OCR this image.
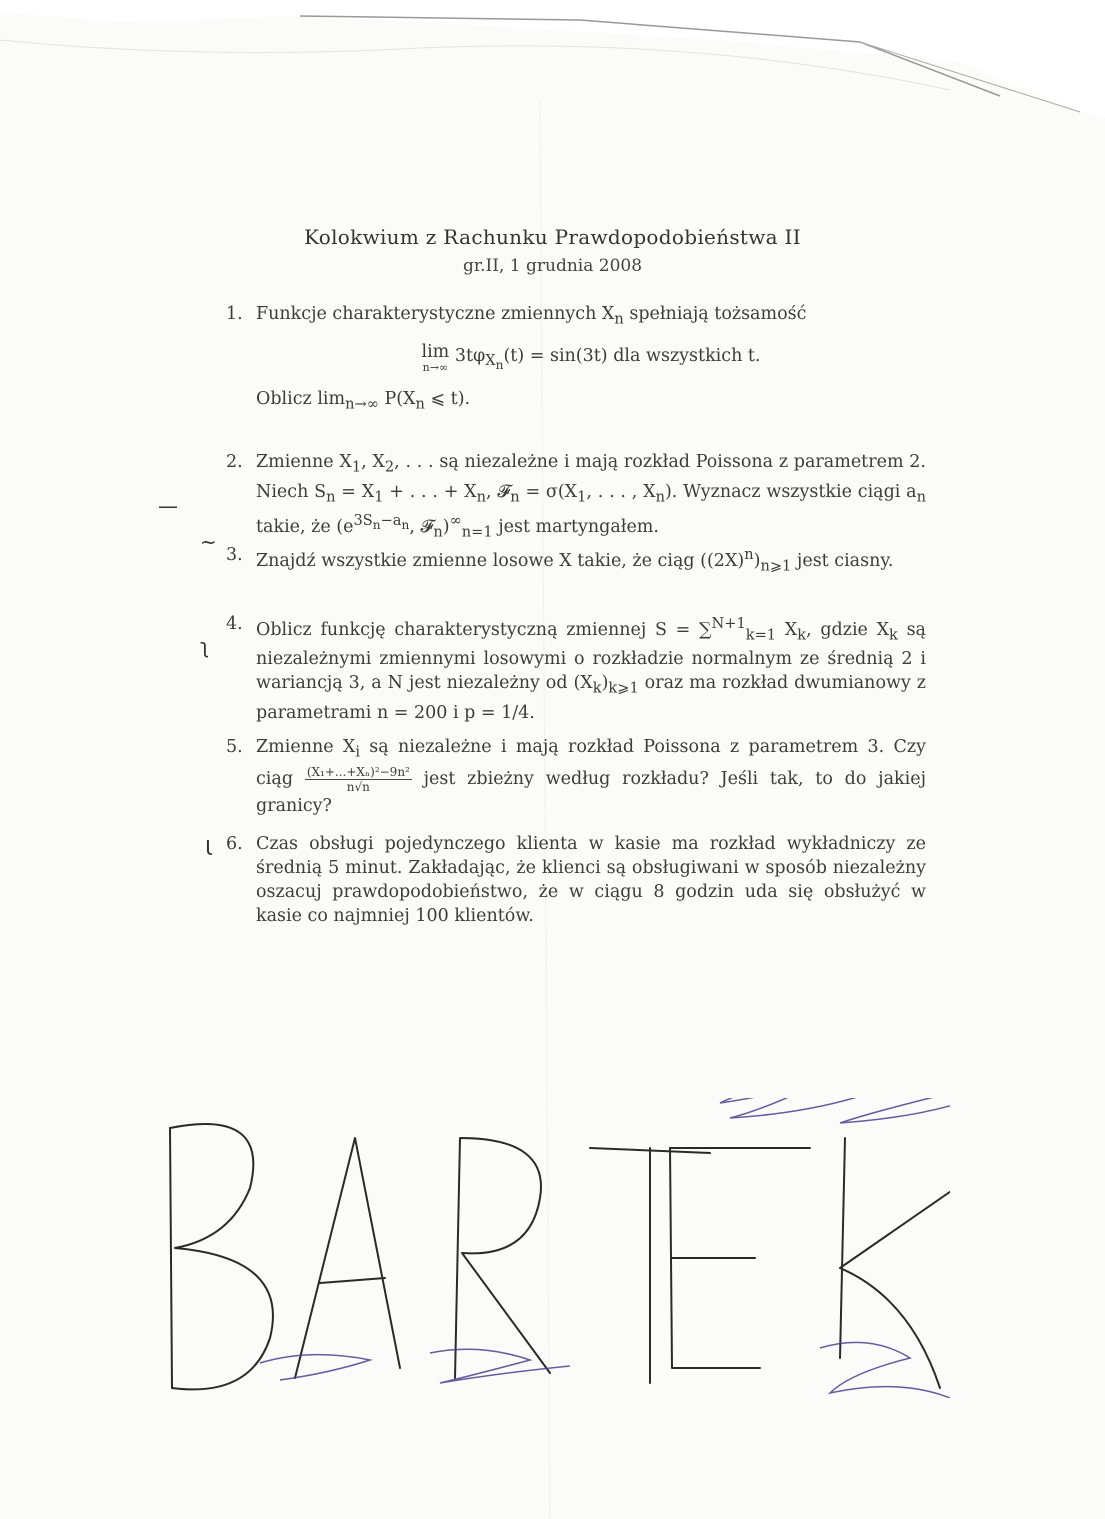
Kolokwium z Rachunku Prawdopodobieństwa II
gr.II, 1 grudnia 2008
1. Funkcje charakterystyczne zmiennych $X_n$ spełniają tożsamość

lim
n→∞
$3t\varphi_{X_n}(t) = \sin(3t)$ dla wszystkich t.

Oblicz $\lim_{n\to\infty} P(X_n$ ⩽ t).

2. Zmienne $X_1$, $X_2$, . . . są niezależne i mają rozkład Poissona z parametrem 2. Niech $S_n = X_1$ + . . . + $X_n$, 𝓕$_n$ = $\sigma(X_1$, . . . , $X_n$). Wyznacz wszystkie ciągi $a_n$ takie, że ($e^{3S_n-a_n}$, $𝓕_n)^\infty_{n=1}$ jest martyngałem.

3. Znajdź wszystkie zmienne losowe X takie, że ciąg $((2X)^n)_{n⩾1}$ jest ciasny.

4. Oblicz funkcję charakterystyczną zmiennej S = ∑$^{N+1}_{k=1}$ $X_k$, gdzie $X_k$ są niezależnymi zmiennymi losowymi o rozkładzie normalnym ze średnią 2 i wariancją 3, a N jest niezależny od $(X_k)_{k⩾1}$ oraz ma rozkład dwumianowy z parametrami n = 200 i p = 1/4.

5. Zmienne $X_i$ są niezależne i mają rozkład Poissona z parametrem 3. Czy ciąg $\frac{\text{(X₁+...+Xₙ)²−9n²}}{n√n}$ jest zbieżny według rozkładu? Jeśli tak, to do jakiej granicy?

6. Czas obsługi pojedynczego klienta w kasie ma rozkład wykładniczy ze średnią 5 minut. Zakładając, że klienci są obsługiwani w sposób niezależny oszacuj prawdopodobieństwo, że w ciągu 8 godzin uda się obsłużyć w kasie co najmniej 100 klientów.

—
~
ʅ
Ɩ
